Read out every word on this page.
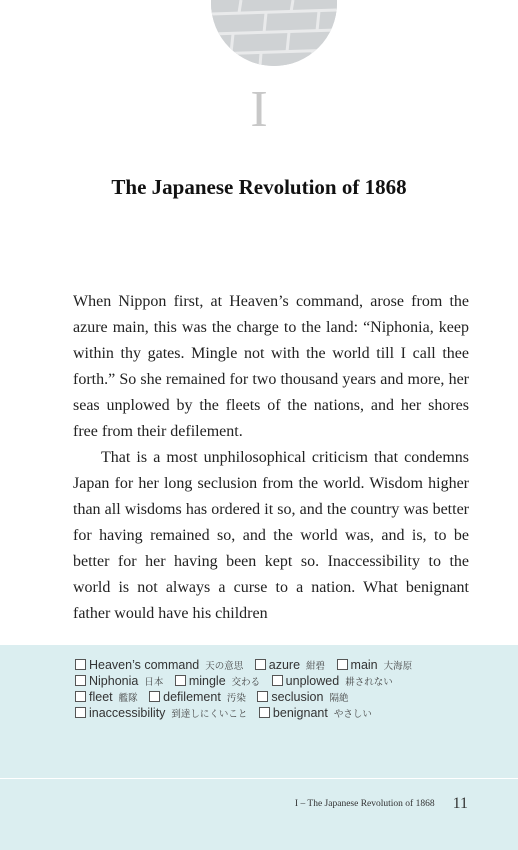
I
The Japanese Revolution of 1868

When Nippon first, at Heaven’s command, arose from the azure main, this was the charge to the land: “Niphonia, keep within thy gates. Mingle not with the world till I call thee forth.” So she remained for two thousand years and more, her seas unplowed by the fleets of the nations, and her shores free from their defilement.

That is a most unphilosophical criticism that condemns Japan for her long seclusion from the world. Wisdom higher than all wisdoms has ordered it so, and the country was better for having remained so, and the world was, and is, to be better for her having been kept so. Inaccessibility to the world is not always a curse to a nation. What benignant father would have his children

Heaven’s command 天の意思 azure 紺碧 main 大海原
Niphonia 日本 mingle 交わる unplowed 耕されない
fleet 艦隊 defilement 汚染 seclusion 隔絶
inaccessibility 到達しにくいこと benignant やさしい
I – The Japanese Revolution of 1868 11
